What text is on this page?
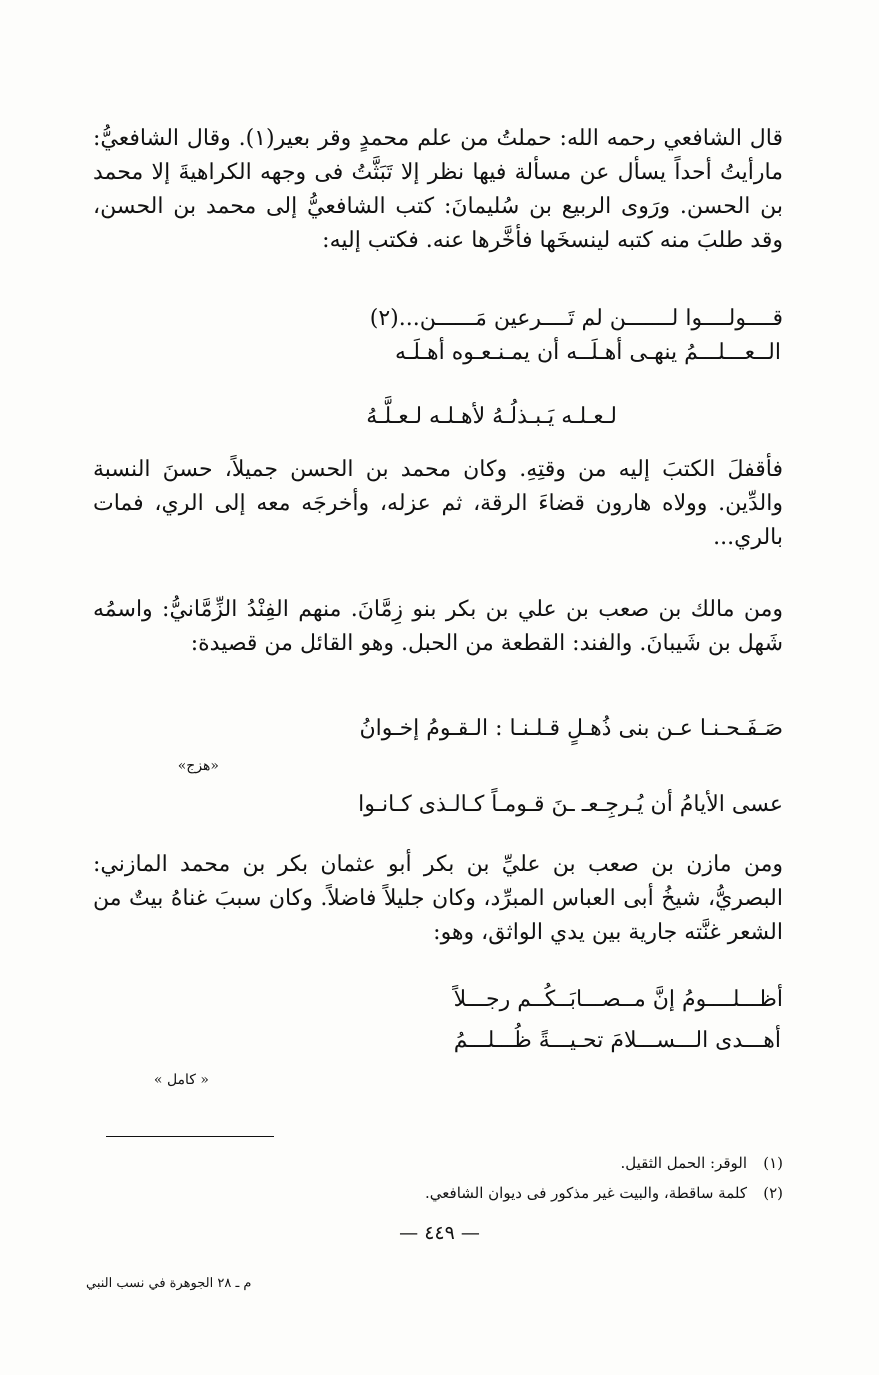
قال الشافعي رحمه الله: حملتُ من علم محمدٍ وقر بعير(١). وقال الشافعيُّ: مارأيتُ أحداً يسأل عن مسألة فيها نظر إلا تَبَثَّتُ فى وجهه الكراهيةَ إلا محمد بن الحسن. ورَوى الربيع بن سُليمانَ: كتب الشافعيُّ إلى محمد بن الحسن، وقد طلبَ منه كتبه لينسخَها فأخَّرها عنه. فكتب إليه:

قــــولــــوا لـــــــن لم تَــــرعين مَــــــن...(٢)
الــعـــلـــمُ ينهـى أهـلَــه أن يمـنـعـوه أهـلَـه
لـعـلـه يَـبـذلُـهُ لأهـلـه لـعـلَّـهُ

فأقفلَ الكتبَ إليه من وقتِهِ. وكان محمد بن الحسن جميلاً، حسنَ النسبة والدِّين. وولاه هارون قضاءَ الرقة، ثم عزله، وأخرجَه معه إلى الري، فمات بالري...

ومن مالك بن صعب بن علي بن بكر بنو زِمَّانَ. منهم الفِنْدُ الزِّمَّانيُّ: واسمُه شَهل بن شَيبانَ. والفند: القطعة من الحبل. وهو القائل من قصيدة:

صَـفَـحـنـا عـن بنى ذُهـلٍ قـلـنـا : الـقـومُ إخـوانُ
«هزج»
عسى الأيامُ أن يُـرجِـعـ ـنَ قـومـاً كـالـذى كـانـوا

ومن مازن بن صعب بن عليِّ بن بكر أبو عثمان بكر بن محمد المازني: البصريُّ، شيخُ أبى العباس المبرِّد، وكان جليلاً فاضلاً. وكان سببَ غناهُ بيتٌ من الشعر غنَّته جارية بين يدي الواثق، وهو:

أظـــلــــومُ إنَّ مــصـــابَــكُــم رجـــلاً
أهـــدى الـــســـلامَ تحـيـــةً ظُـــلـــمُ
« كامل »
(١)الوقر: الحمل الثقيل.
(٢)كلمة ساقطة، والبيت غير مذكور فى ديوان الشافعي.
— ٤٤٩ —
م ـ ٢٨ الجوهرة في نسب النبي
